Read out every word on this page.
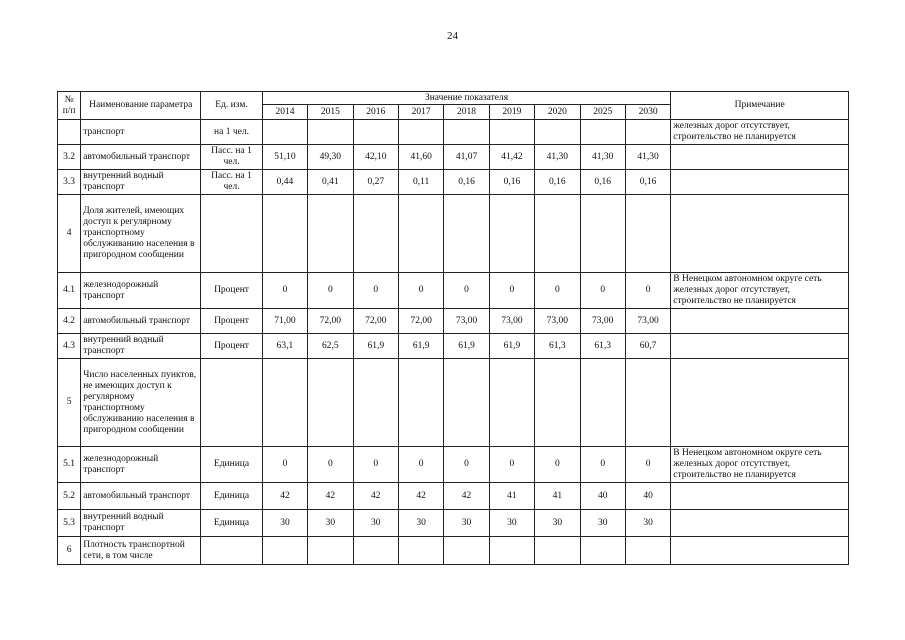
24
№ п/п	Наименование параметра	Ед. изм.	Значение показателя									Примечание
			2014	2015	2016	2017	2018	2019	2020	2025	2030	
	транспорт	на 1 чел.										железных дорог отсутствует, строительство не планируется
3.2	автомобильный транспорт	Пасс. на 1 чел.	51,10	49,30	42,10	41,60	41,07	41,42	41,30	41,30	41,30	
3.3	внутренний водный транспорт	Пасс. на 1 чел.	0,44	0,41	0,27	0,11	0,16	0,16	0,16	0,16	0,16	
4	Доля жителей, имеющих доступ к регулярному транспортному обслуживанию населения в пригородном сообщении											
4.1	железнодорожный транспорт	Процент	0	0	0	0	0	0	0	0	0	В Ненецком автономном округе сеть железных дорог отсутствует, строительство не планируется
4.2	автомобильный транспорт	Процент	71,00	72,00	72,00	72,00	73,00	73,00	73,00	73,00	73,00	
4.3	внутренний водный транспорт	Процент	63,1	62,5	61,9	61,9	61,9	61,9	61,3	61,3	60,7	
5	Число населенных пунктов, не имеющих доступ к регулярному транспортному обслуживанию населения в пригородном сообщении											
5.1	железнодорожный транспорт	Единица	0	0	0	0	0	0	0	0	0	В Ненецком автономном округе сеть железных дорог отсутствует, строительство не планируется
5.2	автомобильный транспорт	Единица	42	42	42	42	42	41	41	40	40	
5.3	внутренний водный транспорт	Единица	30	30	30	30	30	30	30	30	30	
6	Плотность транспортной сети, в том числе											
